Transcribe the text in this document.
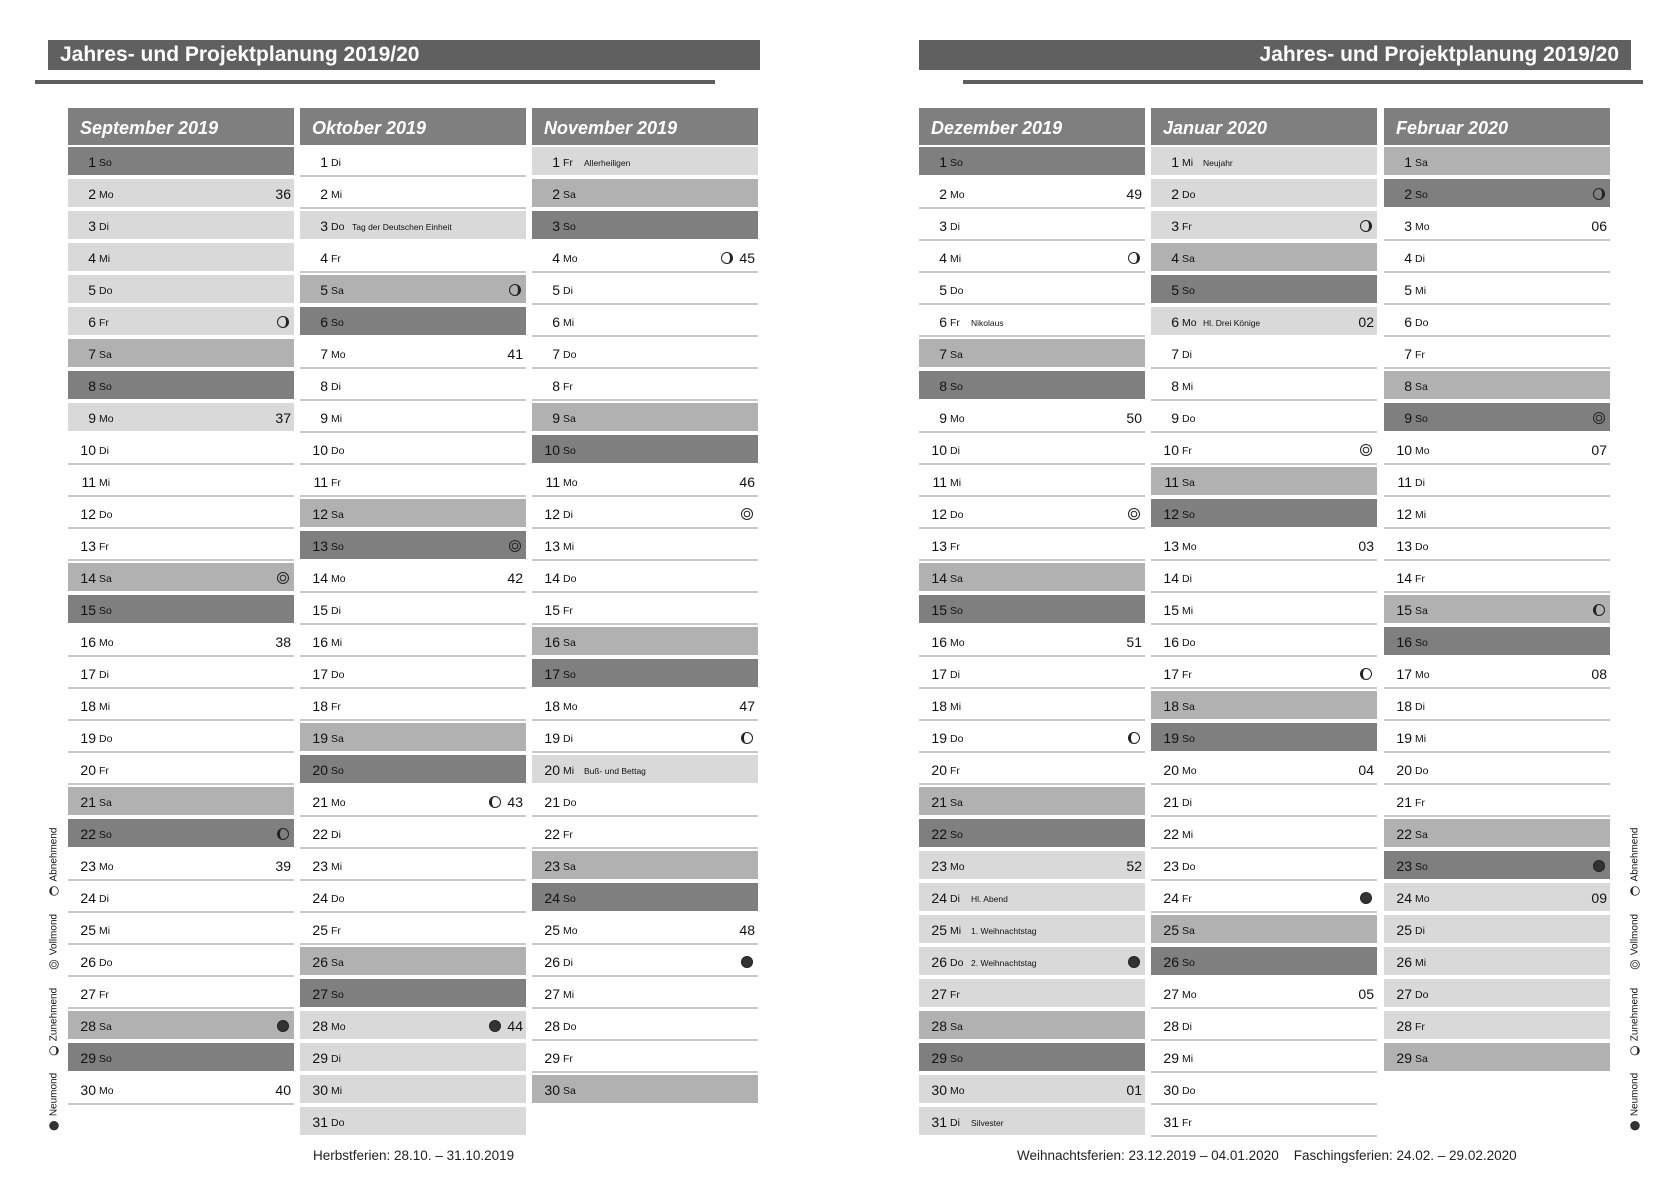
Jahres- und Projektplanung 2019/20
September 2019
1 So
2 Mo	36
3 Di
4 Mi
5 Do
6 Fr
7 Sa
8 So
9 Mo	37
10 Di
11 Mi
12 Do
13 Fr
14 Sa
15 So
16 Mo	38
17 Di
18 Mi
19 Do
20 Fr
21 Sa
22 So
23 Mo	39
24 Di
25 Mi
26 Do
27 Fr
28 Sa
29 So
30 Mo	40
Oktober 2019
1 Di
2 Mi
3 Do Tag der Deutschen Einheit
4 Fr
5 Sa
6 So
7 Mo	41
8 Di
9 Mi
10 Do
11 Fr
12 Sa
13 So
14 Mo	42
15 Di
16 Mi
17 Do
18 Fr
19 Sa
20 So
21 Mo	43
22 Di
23 Mi
24 Do
25 Fr
26 Sa
27 So
28 Mo	44
29 Di
30 Mi
31 Do
November 2019
1 Fr Allerheiligen
2 Sa
3 So
4 Mo	45
5 Di
6 Mi
7 Do
8 Fr
9 Sa
10 So
11 Mo	46
12 Di
13 Mi
14 Do
15 Fr
16 Sa
17 So
18 Mo	47
19 Di
20 Mi Buß- und Bettag
21 Do
22 Fr
23 Sa
24 So
25 Mo	48
26 Di
27 Mi
28 Do
29 Fr
30 Sa
Abnehmend
Vollmond
Zunehmend
Neumond
Herbstferien: 28.10. – 31.10.2019
Jahres- und Projektplanung 2019/20
Dezember 2019
1 So
2 Mo	49
3 Di
4 Mi
5 Do
6 Fr Nikolaus
7 Sa
8 So
9 Mo	50
10 Di
11 Mi
12 Do
13 Fr
14 Sa
15 So
16 Mo	51
17 Di
18 Mi
19 Do
20 Fr
21 Sa
22 So
23 Mo	52
24 Di Hl. Abend
25 Mi 1. Weihnachtstag
26 Do 2. Weihnachtstag
27 Fr
28 Sa
29 So
30 Mo	01
31 Di Silvester
Januar 2020
1 Mi Neujahr
2 Do
3 Fr
4 Sa
5 So
6 Mo Hl. Drei Könige	02
7 Di
8 Mi
9 Do
10 Fr
11 Sa
12 So
13 Mo	03
14 Di
15 Mi
16 Do
17 Fr
18 Sa
19 So
20 Mo	04
21 Di
22 Mi
23 Do
24 Fr
25 Sa
26 So
27 Mo	05
28 Di
29 Mi
30 Do
31 Fr
Februar 2020
1 Sa
2 So
3 Mo	06
4 Di
5 Mi
6 Do
7 Fr
8 Sa
9 So
10 Mo	07
11 Di
12 Mi
13 Do
14 Fr
15 Sa
16 So
17 Mo	08
18 Di
19 Mi
20 Do
21 Fr
22 Sa
23 So
24 Mo	09
25 Di
26 Mi
27 Do
28 Fr
29 Sa
Abnehmend
Vollmond
Zunehmend
Neumond
Weihnachtsferien: 23.12.2019 – 04.01.2020    Faschingsferien: 24.02. – 29.02.2020
